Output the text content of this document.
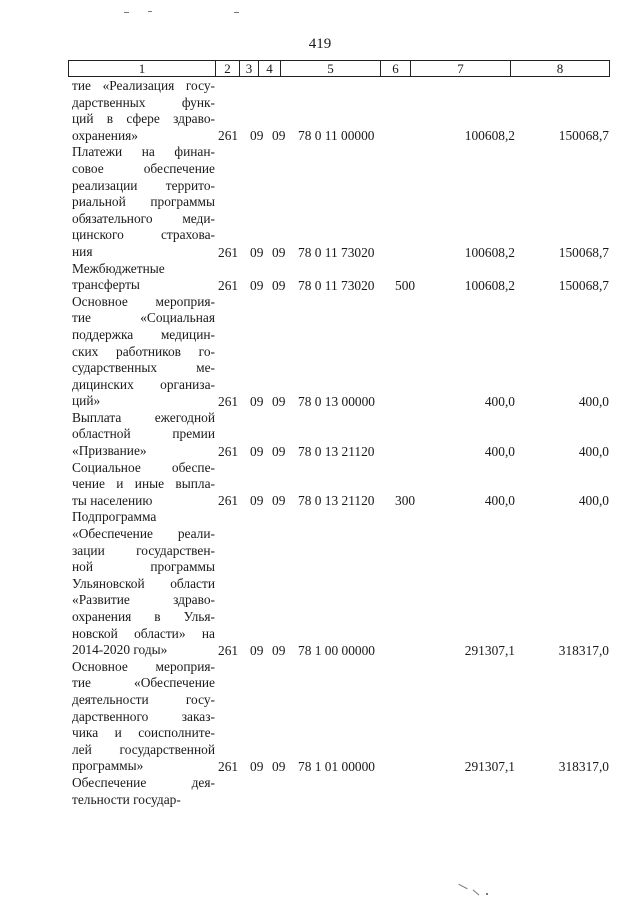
419
1	2	3	4	5	6	7	8
тие «Реализация госу-
дарственных функ-
ций в сфере здраво-
охранения»	261 09 09 78 0 11 00000	100608,2	150068,7
Платежи на финан-
совое обеспечение
реализации террито-
риальной программы
обязательного меди-
цинского страхова-
ния	261 09 09 78 0 11 73020	100608,2	150068,7
Межбюджетные
трансферты	261 09 09 78 0 11 73020 500	100608,2	150068,7
Основное мероприя-
тие «Социальная
поддержка медицин-
ских работников го-
сударственных ме-
дицинских организа-
ций»	261 09 09 78 0 13 00000	400,0	400,0
Выплата ежегодной
областной премии
«Призвание»	261 09 09 78 0 13 21120	400,0	400,0
Социальное обеспе-
чение и иные выпла-
ты населению	261 09 09 78 0 13 21120 300	400,0	400,0
Подпрограмма
«Обеспечение реали-
зации государствен-
ной программы
Ульяновской области
«Развитие здраво-
охранения в Улья-
новской области» на
2014-2020 годы»	261 09 09 78 1 00 00000	291307,1	318317,0
Основное мероприя-
тие «Обеспечение
деятельности госу-
дарственного заказ-
чика и соисполните-
лей государственной
программы»	261 09 09 78 1 01 00000	291307,1	318317,0
Обеспечение дея-
тельности государ-
